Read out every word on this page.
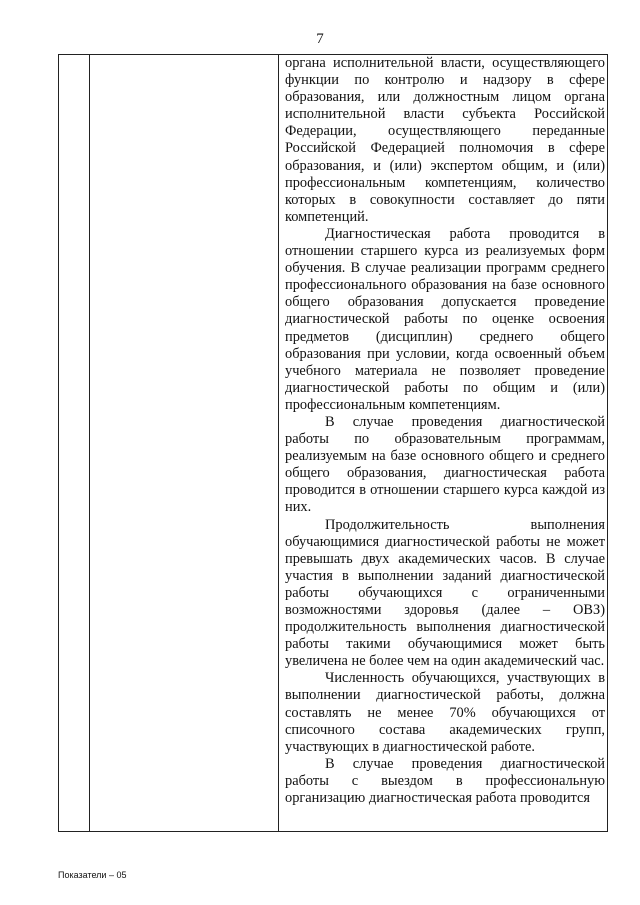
7

органа исполнительной власти, осуществляющего функции по контролю и надзору в сфере образования, или должностным лицом органа исполнительной власти субъекта Российской Федерации, осуществляющего переданные Российской Федерацией полномочия в сфере образования, и (или) экспертом общим, и (или) профессиональным компетенциям, количество которых в совокупности составляет до пяти компетенций.

Диагностическая работа проводится в отношении старшего курса из реализуемых форм обучения. В случае реализации программ среднего профессионального образования на базе основного общего образования допускается проведение диагностической работы по оценке освоения предметов (дисциплин) среднего общего образования при условии, когда освоенный объем учебного материала не позволяет проведение диагностической работы по общим и (или) профессиональным компетенциям.

В случае проведения диагностической работы по образовательным программам, реализуемым на базе основного общего и среднего общего образования, диагностическая работа проводится в отношении старшего курса каждой из них.

Продолжительность выполнения обучающимися диагностической работы не может превышать двух академических часов. В случае участия в выполнении заданий диагностической работы обучающихся с ограниченными возможностями здоровья (далее – ОВЗ) продолжительность выполнения диагностической работы такими обучающимися может быть увеличена не более чем на один академический час.

Численность обучающихся, участвующих в выполнении диагностической работы, должна составлять не менее 70% обучающихся от списочного состава академических групп, участвующих в диагностической работе.

В случае проведения диагностической работы с выездом в профессиональную организацию диагностическая работа проводится

Показатели – 05
